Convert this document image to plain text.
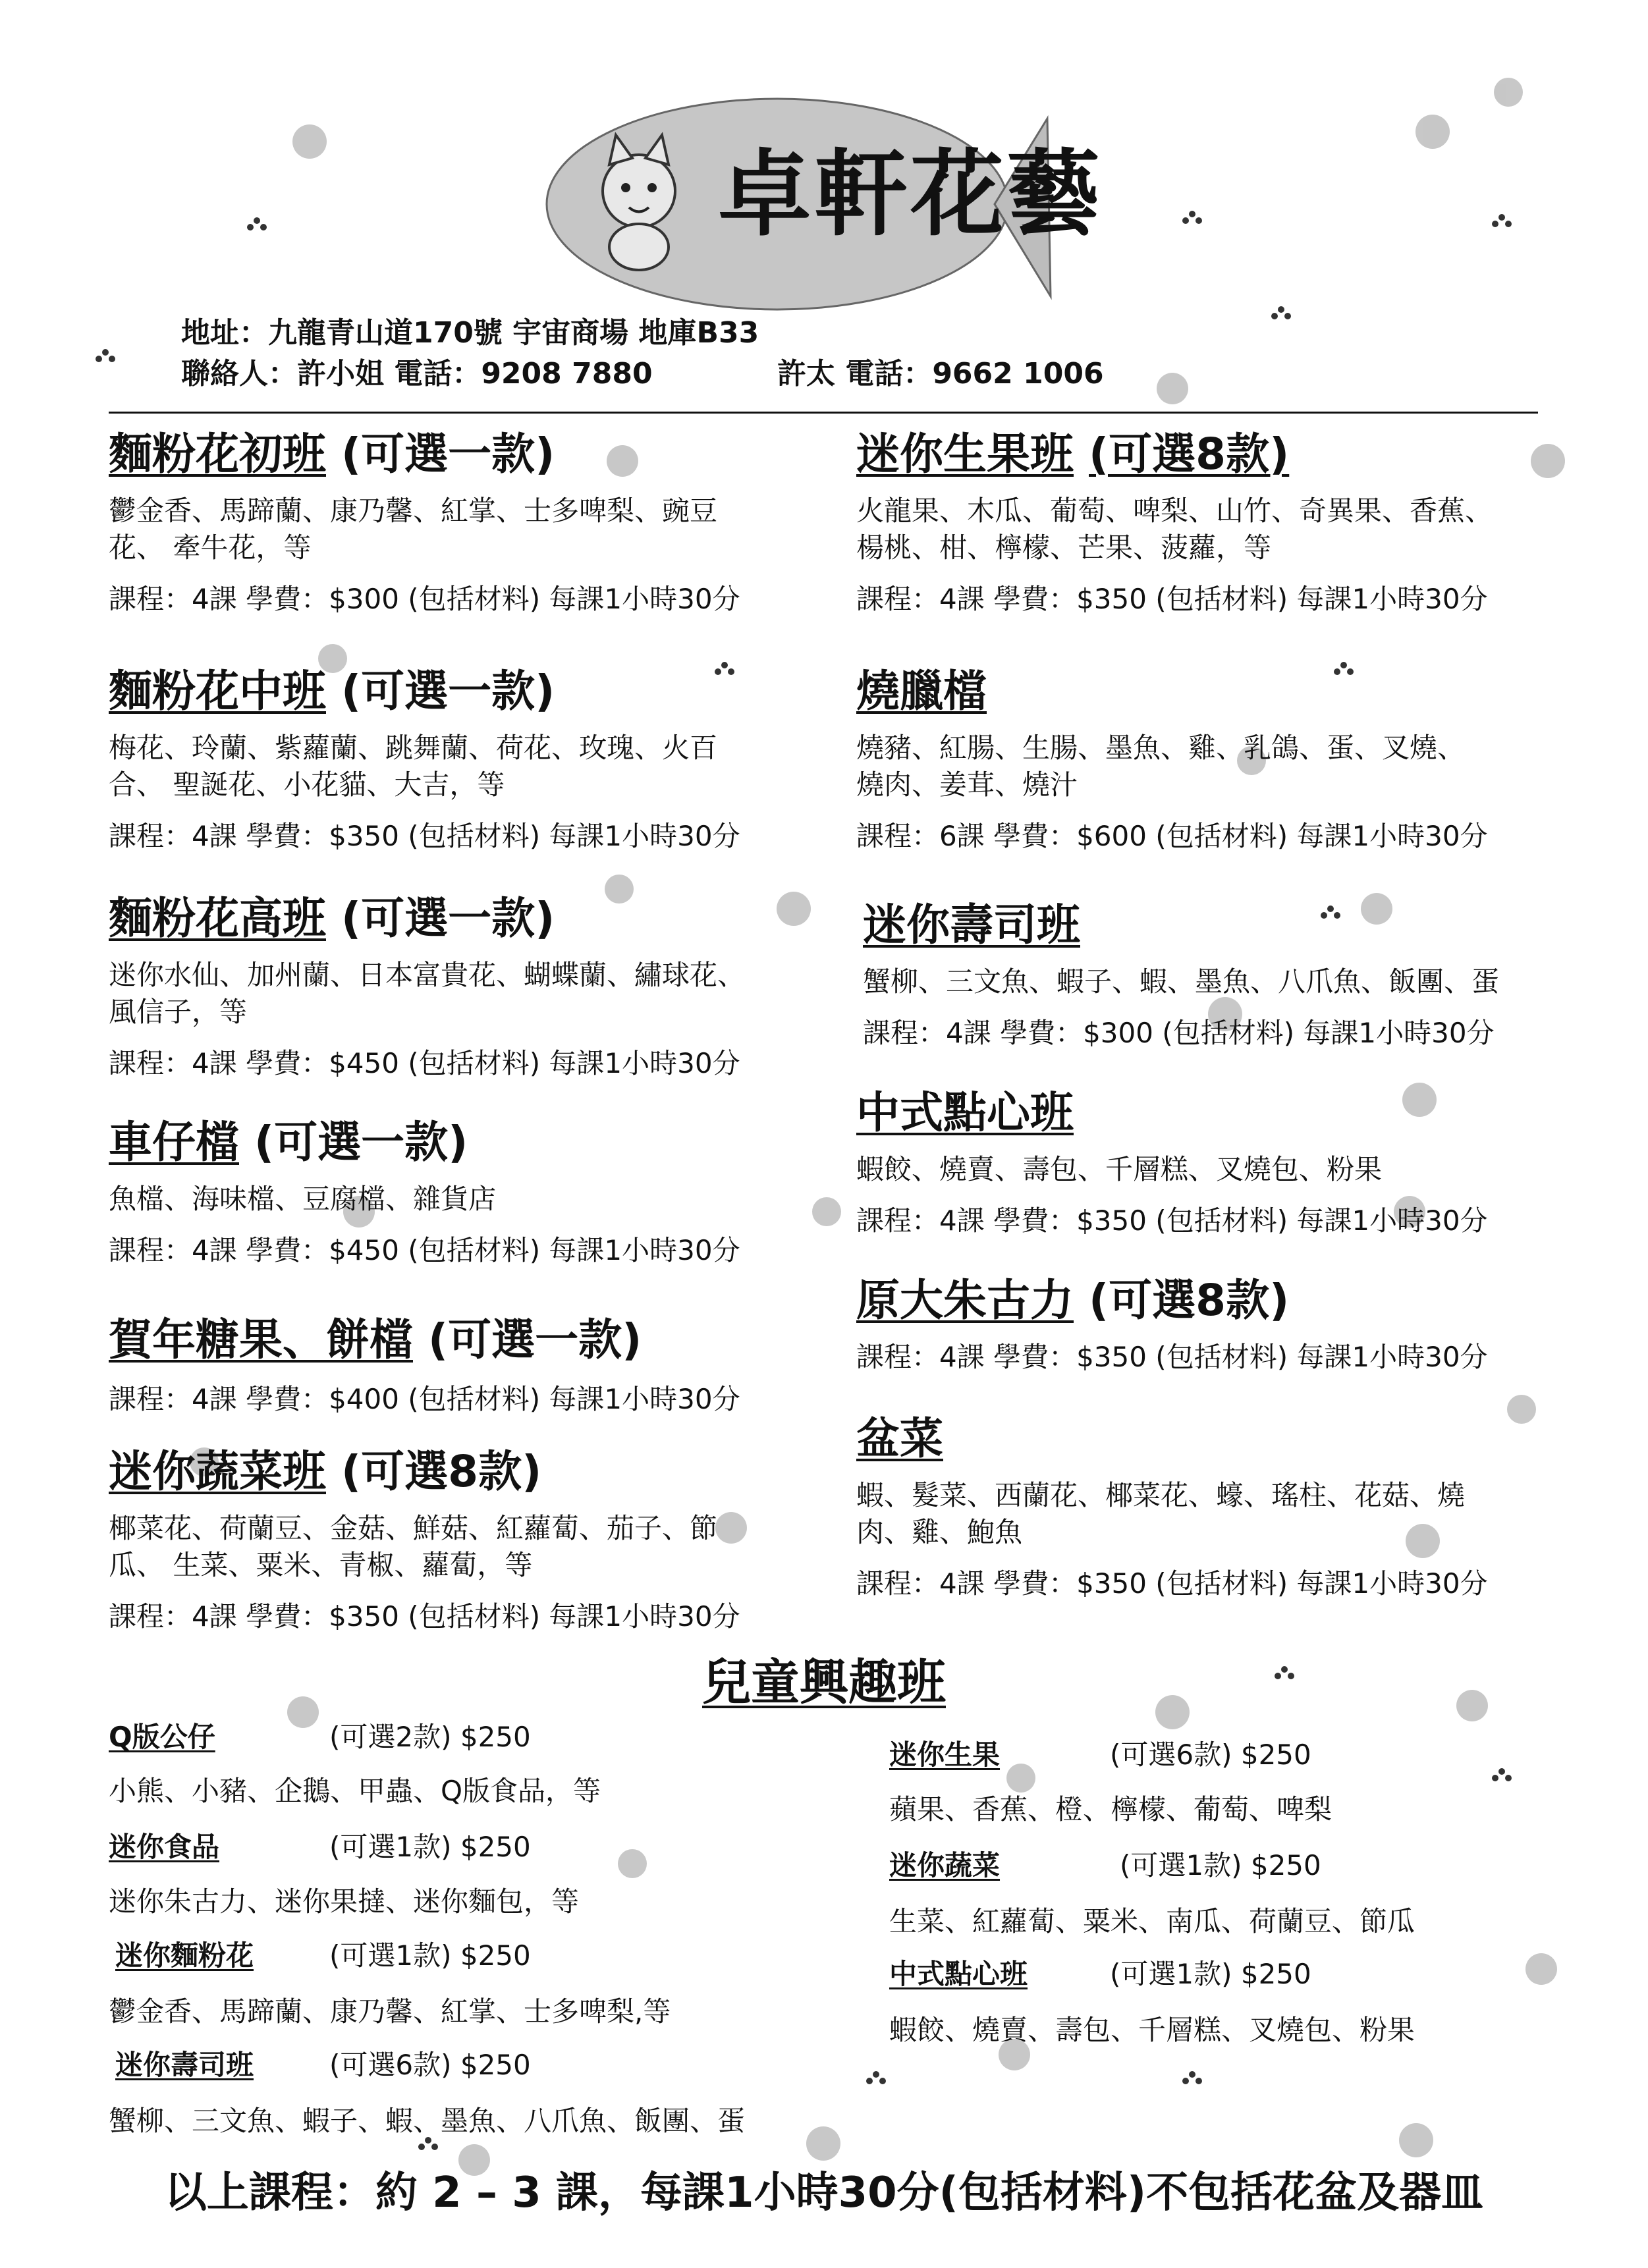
卓軒花藝
地址：九龍青山道170號 宇宙商場 地庫B33
聯絡人：許小姐 電話：9208 7880	許太 電話：9662 1006
麵粉花初班 (可選一款)
鬱金香、馬蹄蘭、康乃馨、紅掌、士多啤梨、豌豆
花、 牽牛花，等
課程：4課 學費：$300 (包括材料) 每課1小時30分
麵粉花中班 (可選一款)
梅花、玲蘭、紫蘿蘭、跳舞蘭、荷花、玫瑰、火百
合、 聖誕花、小花貓、大吉，等
課程：4課 學費：$350 (包括材料) 每課1小時30分
麵粉花高班 (可選一款)
迷你水仙、加州蘭、日本富貴花、蝴蝶蘭、繡球花、
風信子，等
課程：4課 學費：$450 (包括材料) 每課1小時30分
車仔檔 (可選一款)
魚檔、海味檔、豆腐檔、雜貨店
課程：4課 學費：$450 (包括材料) 每課1小時30分
賀年糖果、餅檔 (可選一款)
課程：4課 學費：$400 (包括材料) 每課1小時30分
迷你蔬菜班 (可選8款)
椰菜花、荷蘭豆、金菇、鮮菇、紅蘿蔔、茄子、節
瓜、 生菜、粟米、青椒、蘿蔔，等
課程：4課 學費：$350 (包括材料) 每課1小時30分
迷你生果班 (可選8款)
火龍果、木瓜、葡萄、啤梨、山竹、奇異果、香蕉、
楊桃、柑、檸檬、芒果、菠蘿，等
課程：4課 學費：$350 (包括材料) 每課1小時30分
燒臘檔
燒豬、紅腸、生腸、墨魚、雞、乳鴿、蛋、叉燒、
燒肉、姜茸、燒汁
課程：6課 學費：$600 (包括材料) 每課1小時30分
迷你壽司班
蟹柳、三文魚、蝦子、蝦、墨魚、八爪魚、飯團、蛋
課程：4課 學費：$300 (包括材料) 每課1小時30分
中式點心班
蝦餃、燒賣、壽包、千層糕、叉燒包、粉果
課程：4課 學費：$350 (包括材料) 每課1小時30分
原大朱古力 (可選8款)
課程：4課 學費：$350 (包括材料) 每課1小時30分
盆菜
蝦、髮菜、西蘭花、椰菜花、蠔、瑤柱、花菇、燒
肉、雞、鮑魚
課程：4課 學費：$350 (包括材料) 每課1小時30分
兒童興趣班
Q版公仔	(可選2款) $250
小熊、小豬、企鵝、甲蟲、Q版食品，等
迷你食品	(可選1款) $250
迷你朱古力、迷你果撻、迷你麵包，等
迷你麵粉花	(可選1款) $250
鬱金香、馬蹄蘭、康乃馨、紅掌、士多啤梨,等
迷你壽司班	(可選6款) $250
蟹柳、三文魚、蝦子、蝦、墨魚、八爪魚、飯團、蛋
迷你生果	(可選6款) $250
蘋果、香蕉、橙、檸檬、葡萄、啤梨
迷你蔬菜	(可選1款) $250
生菜、紅蘿蔔、粟米、南瓜、荷蘭豆、節瓜
中式點心班	(可選1款) $250
蝦餃、燒賣、壽包、千層糕、叉燒包、粉果
以上課程：約 2 – 3 課，每課1小時30分(包括材料)不包括花盆及器皿
